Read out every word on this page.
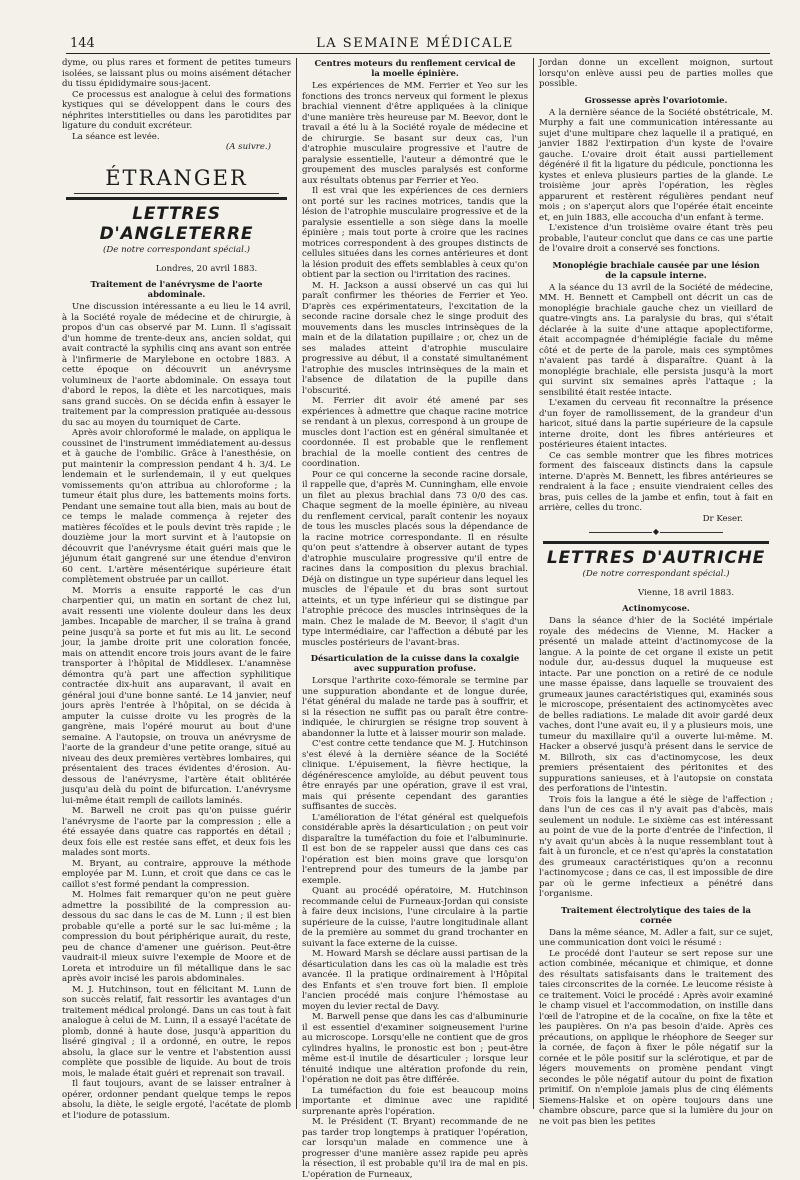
144	LA SEMAINE MÉDICALE

dyme, ou plus rares et forment de petites tumeurs isolées, se laissant plus ou moins aisément détacher du tissu épididymaire sous-jacent.

Ce processus est analogue à celui des formations kystiques qui se développent dans le cours des néphrites interstitielles ou dans les parotidites par ligature du conduit excréteur.

La séance est levée.

(A suivre.)
ÉTRANGER
LETTRES D'ANGLETERRE
(De notre correspondant spécial.)
Londres, 20 avril 1883.
Traitement de l'anévrysme de l'aorte abdominale.

Une discussion intéressante a eu lieu le 14 avril, à la Société royale de médecine et de chirurgie, à propos d'un cas observé par M. Lunn. Il s'agissait d'un homme de trente-deux ans, ancien soldat, qui avait contracté la syphilis cinq ans avant son entrée à l'infirmerie de Marylebone en octobre 1883. A cette époque on découvrit un anévrysme volumineux de l'aorte abdominale. On essaya tout d'abord le repos, la diète et les narcotiques, mais sans grand succès. On se décida enfin à essayer le traitement par la compression pratiquée au-dessous du sac au moyen du tourniquet de Carte.

Après avoir chloroformé le malade, on appliqua le coussinet de l'instrument immédiatement au-dessus et à gauche de l'ombilic. Grâce à l'anesthésie, on put maintenir la compression pendant 4 h. 3/4. Le lendemain et le surlendemain, il y eut quelques vomissements qu'on attribua au chloroforme ; la tumeur était plus dure, les battements moins forts. Pendant une semaine tout alla bien, mais au bout de ce temps le malade commença à rejeter des matières fécoïdes et le pouls devint très rapide ; le douzième jour la mort survint et à l'autopsie on découvrit que l'anévrysme était guéri mais que le jéjunum était gangrené sur une étendue d'environ 60 cent. L'artère mésentérique supérieure était complètement obstruée par un caillot.

M. Morris a ensuite rapporté le cas d'un charpentier qui, un matin en sortant de chez lui, avait ressenti une violente douleur dans les deux jambes. Incapable de marcher, il se traîna à grand peine jusqu'à sa porte et fut mis au lit. Le second jour, la jambe droite prit une coloration foncée, mais on attendit encore trois jours avant de le faire transporter à l'hôpital de Middlesex. L'anamnèse démontra qu'à part une affection syphilitique contractée dix-huit ans auparavant, il avait en général joui d'une bonne santé. Le 14 janvier, neuf jours après l'entrée à l'hôpital, on se décida à amputer la cuisse droite vu les progrès de la gangrène, mais l'opéré mourut au bout d'une semaine. A l'autopsie, on trouva un anévrysme de l'aorte de la grandeur d'une petite orange, situé au niveau des deux premières vertèbres lombaires, qui présentaient des traces évidentes d'érosion. Au-dessous de l'anévrysme, l'artère était oblitérée jusqu'au delà du point de bifurcation. L'anévrysme lui-même était rempli de caillots laminés.

M. Barwell ne croit pas qu'on puisse guérir l'anévrysme de l'aorte par la compression ; elle a été essayée dans quatre cas rapportés en détail ; deux fois elle est restée sans effet, et deux fois les malades sont morts.

M. Bryant, au contraire, approuve la méthode employée par M. Lunn, et croit que dans ce cas le caillot s'est formé pendant la compression.

M. Holmes fait remarquer qu'on ne peut guère admettre la possibilité de la compression au-dessous du sac dans le cas de M. Lunn ; il est bien probable qu'elle a porté sur le sac lui-même ; la compression du bout périphérique aurait, du reste, peu de chance d'amener une guérison. Peut-être vaudrait-il mieux suivre l'exemple de Moore et de Loreta et introduire un fil métallique dans le sac après avoir incisé les parois abdominales.

M. J. Hutchinson, tout en félicitant M. Lunn de son succès relatif, fait ressortir les avantages d'un traitement médical prolongé. Dans un cas tout à fait analogue à celui de M. Lunn, il a essayé l'acétate de plomb, donné à haute dose, jusqu'à apparition du liséré gingival ; il a ordonné, en outre, le repos absolu, la glace sur le ventre et l'abstention aussi complète que possible de liquide. Au bout de trois mois, le malade était guéri et reprenait son travail.

Il faut toujours, avant de se laisser entraîner à opérer, ordonner pendant quelque temps le repos absolu, la diète, le seigle ergoté, l'acétate de plomb et l'iodure de potassium.

Centres moteurs du renflement cervical de la moelle épinière.

Les expériences de MM. Ferrier et Yeo sur les fonctions des troncs nerveux qui forment le plexus brachial viennent d'être appliquées à la clinique d'une manière très heureuse par M. Beevor, dont le travail a été lu à la Société royale de médecine et de chirurgie. Se basant sur deux cas, l'un d'atrophie musculaire progressive et l'autre de paralysie essentielle, l'auteur a démontré que le groupement des muscles paralysés est conforme aux résultats obtenus par Ferrier et Yeo.

Il est vrai que les expériences de ces derniers ont porté sur les racines motrices, tandis que la lésion de l'atrophie musculaire progressive et de la paralysie essentielle a son siège dans la moelle épinière ; mais tout porte à croire que les racines motrices correspondent à des groupes distincts de cellules situées dans les cornes antérieures et dont la lésion produit des effets semblables à ceux qu'on obtient par la section ou l'irritation des racines.

M. H. Jackson a aussi observé un cas qui lui paraît confirmer les théories de Ferrier et Yeo. D'après ces expérimentateurs, l'excitation de la seconde racine dorsale chez le singe produit des mouvements dans les muscles intrinsèques de la main et de la dilatation pupillaire ; or, chez un de ses malades atteint d'atrophie musculaire progressive au début, il a constaté simultanément l'atrophie des muscles intrinsèques de la main et l'absence de dilatation de la pupille dans l'obscurité.

M. Ferrier dit avoir été amené par ses expériences à admettre que chaque racine motrice se rendant à un plexus, correspond à un groupe de muscles dont l'action est en général simultanée et coordonnée. Il est probable que le renflement brachial de la moelle contient des centres de coordination.

Pour ce qui concerne la seconde racine dorsale, il rappelle que, d'après M. Cunningham, elle envoie un filet au plexus brachial dans 73 0/0 des cas. Chaque segment de la moelle épinière, au niveau du renflement cervical, paraît contenir les noyaux de tous les muscles placés sous la dépendance de la racine motrice correspondante. Il en résulte qu'on peut s'attendre à observer autant de types d'atrophie musculaire progressive qu'il entre de racines dans la composition du plexus brachial. Déjà on distingue un type supérieur dans lequel les muscles de l'épaule et du bras sont surtout atteints, et un type inférieur qui se distingue par l'atrophie précoce des muscles intrinsèques de la main. Chez le malade de M. Beevor, il s'agit d'un type intermédiaire, car l'affection a débuté par les muscles postérieurs de l'avant-bras.

Désarticulation de la cuisse dans la coxalgie avec suppuration profuse.

Lorsque l'arthrite coxo-fémorale se termine par une suppuration abondante et de longue durée, l'état général du malade ne tarde pas à souffrir, et si la résection ne suffit pas ou paraît être contre-indiquée, le chirurgien se résigne trop souvent à abandonner la lutte et à laisser mourir son malade.

C'est contre cette tendance que M. J. Hutchinson s'est élevé à la dernière séance de la Société clinique. L'épuisement, la fièvre hectique, la dégénérescence amyloïde, au début peuvent tous être enrayés par une opération, grave il est vrai, mais qui présente cependant des garanties suffisantes de succès.

L'amélioration de l'état général est quelquefois considérable après la désarticulation ; on peut voir disparaître la tuméfaction du foie et l'albuminurie. Il est bon de se rappeler aussi que dans ces cas l'opération est bien moins grave que lorsqu'on l'entreprend pour des tumeurs de la jambe par exemple.

Quant au procédé opératoire, M. Hutchinson recommande celui de Furneaux-Jordan qui consiste à faire deux incisions, l'une circulaire à la partie supérieure de la cuisse, l'autre longitudinale allant de la première au sommet du grand trochanter en suivant la face externe de la cuisse.

M. Howard Marsh se déclare aussi partisan de la désarticulation dans les cas où la maladie est très avancée. Il la pratique ordinairement à l'Hôpital des Enfants et s'en trouve fort bien. Il emploie l'ancien procédé mais conjure l'hémostase au moyen du levier rectal de Davy.

M. Barwell pense que dans les cas d'albuminurie il est essentiel d'examiner soigneusement l'urine au microscope. Lorsqu'elle ne contient que de gros cylindres hyalins, le pronostic est bon ; peut-être même est-il inutile de désarticuler ; lorsque leur ténuité indique une altération profonde du rein, l'opération ne doit pas être différée.

La tuméfaction du foie est beaucoup moins importante et diminue avec une rapidité surprenante après l'opération.

M. le Président (T. Bryant) recommande de ne pas tarder trop longtemps à pratiquer l'opération, car lorsqu'un malade en commence une à progresser d'une manière assez rapide peu après la résection, il est probable qu'il ira de mal en pis. L'opération de Furneaux,

Jordan donne un excellent moignon, surtout lorsqu'on enlève aussi peu de parties molles que possible.

Grossesse après l'ovariotomie.

A la dernière séance de la Société obstétricale, M. Murphy a fait une communication intéressante au sujet d'une multipare chez laquelle il a pratiqué, en janvier 1882 l'extirpation d'un kyste de l'ovaire gauche. L'ovaire droit était aussi partiellement dégénéré il fit la ligature du pédicule, ponctionna les kystes et enleva plusieurs parties de la glande. Le troisième jour après l'opération, les règles apparurent et restèrent régulières pendant neuf mois ; on s'aperçut alors que l'opérée était enceinte et, en juin 1883, elle accoucha d'un enfant à terme.

L'existence d'un troisième ovaire étant très peu probable, l'auteur conclut que dans ce cas une partie de l'ovaire droit a conservé ses fonctions.

Monoplégie brachiale causée par une lésion de la capsule interne.

A la séance du 13 avril de la Société de médecine, MM. H. Bennett et Campbell ont décrit un cas de monoplégie brachiale gauche chez un vieillard de quatre-vingts ans. La paralysie du bras, qui s'était déclarée à la suite d'une attaque apoplectiforme, était accompagnée d'hémiplégie faciale du même côté et de perte de la parole, mais ces symptômes n'avaient pas tardé à disparaître. Quant à la monoplégie brachiale, elle persista jusqu'à la mort qui survint six semaines après l'attaque ; la sensibilité était restée intacte.

L'examen du cerveau fit reconnaître la présence d'un foyer de ramollissement, de la grandeur d'un haricot, situé dans la partie supérieure de la capsule interne droite, dont les fibres antérieures et postérieures étaient intactes.

Ce cas semble montrer que les fibres motrices forment des faisceaux distincts dans la capsule interne. D'après M. Bennett, les fibres antérieures se rendraient à la face ; ensuite viendraient celles des bras, puis celles de la jambe et enfin, tout à fait en arrière, celles du tronc.

Dr Keser.
◆
LETTRES D'AUTRICHE
(De notre correspondant spécial.)
Vienne, 18 avril 1883.
Actinomycose.

Dans la séance d'hier de la Société impériale royale des médecins de Vienne, M. Hacker a présenté un malade atteint d'actinomycose de la langue. A la pointe de cet organe il existe un petit nodule dur, au-dessus duquel la muqueuse est intacte. Par une ponction on a retiré de ce nodule une masse épaisse, dans laquelle se trouvaient des grumeaux jaunes caractéristiques qui, examinés sous le microscope, présentaient des actinomycètes avec de belles radiations. Le malade dit avoir gardé deux vaches, dont l'une avait eu, il y a plusieurs mois, une tumeur du maxillaire qu'il a ouverte lui-même. M. Hacker a observé jusqu'à présent dans le service de M. Billroth, six cas d'actinomycose, les deux premiers présentaient des péritonites et des suppurations sanieuses, et à l'autopsie on constata des perforations de l'intestin.

Trois fois la langue a été le siège de l'affection ; dans l'un de ces cas il n'y avait pas d'abcès, mais seulement un nodule. Le sixième cas est intéressant au point de vue de la porte d'entrée de l'infection, il n'y avait qu'un abcès à la nuque ressemblant tout à fait à un furoncle, et ce n'est qu'après la constatation des grumeaux caractéristiques qu'on a reconnu l'actinomycose ; dans ce cas, il est impossible de dire par où le germe infectieux a pénétré dans l'organisme.

Traitement électrolytique des taies de la cornée

Dans la même séance, M. Adler a fait, sur ce sujet, une communication dont voici le résumé :

Le procédé dont l'auteur se sert repose sur une action combinée, mécanique et chimique, et donne des résultats satisfaisants dans le traitement des taies circonscrites de la cornée. Le leucome résiste à ce traitement. Voici le procédé : Après avoir examiné le champ visuel et l'accommodation, on instille dans l'œil de l'atropine et de la cocaïne, on fixe la tête et les paupières. On n'a pas besoin d'aide. Après ces précautions, on applique le rhéophore de Seeger sur la cornée, de façon à fixer le pôle négatif sur la cornée et le pôle positif sur la sclérotique, et par de légers mouvements on promène pendant vingt secondes le pôle négatif autour du point de fixation primitif. On n'emploie jamais plus de cinq éléments Siemens-Halske et on opère toujours dans une chambre obscure, parce que si la lumière du jour on ne voit pas bien les petites
